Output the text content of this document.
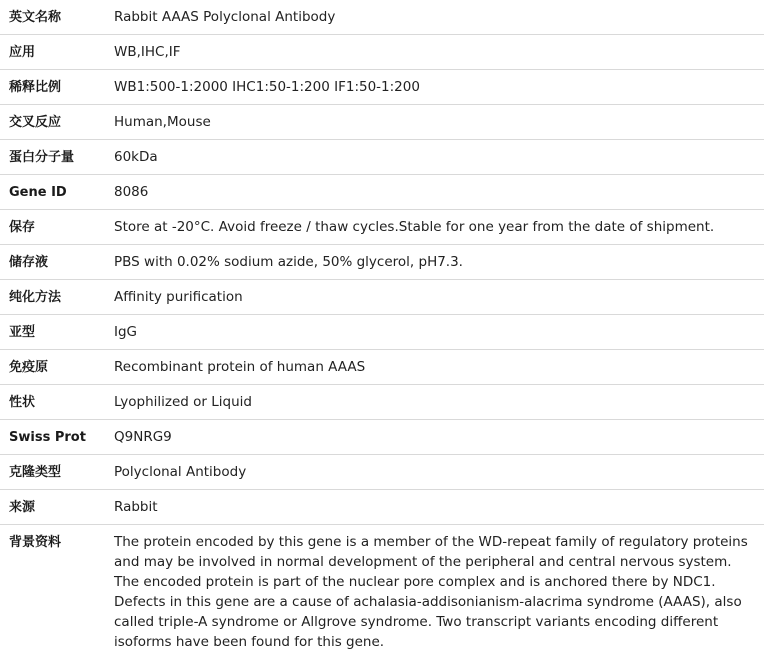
英文名称	Rabbit AAAS Polyclonal Antibody
应用	WB,IHC,IF
稀释比例	WB1:500-1:2000 IHC1:50-1:200 IF1:50-1:200
交叉反应	Human,Mouse
蛋白分子量	60kDa
Gene ID	8086
保存	Store at -20°C. Avoid freeze / thaw cycles.Stable for one year from the date of shipment.
储存液	PBS with 0.02% sodium azide, 50% glycerol, pH7.3.
纯化方法	Affinity purification
亚型	IgG
免疫原	Recombinant protein of human AAAS
性状	Lyophilized or Liquid
Swiss Prot	Q9NRG9
克隆类型	Polyclonal Antibody
来源	Rabbit
背景资料	The protein encoded by this gene is a member of the WD-repeat family of regulatory proteins and may be involved in normal development of the peripheral and central nervous system. The encoded protein is part of the nuclear pore complex and is anchored there by NDC1. Defects in this gene are a cause of achalasia-addisonianism-alacrima syndrome (AAAS), also called triple-A syndrome or Allgrove syndrome. Two transcript variants encoding different isoforms have been found for this gene.
